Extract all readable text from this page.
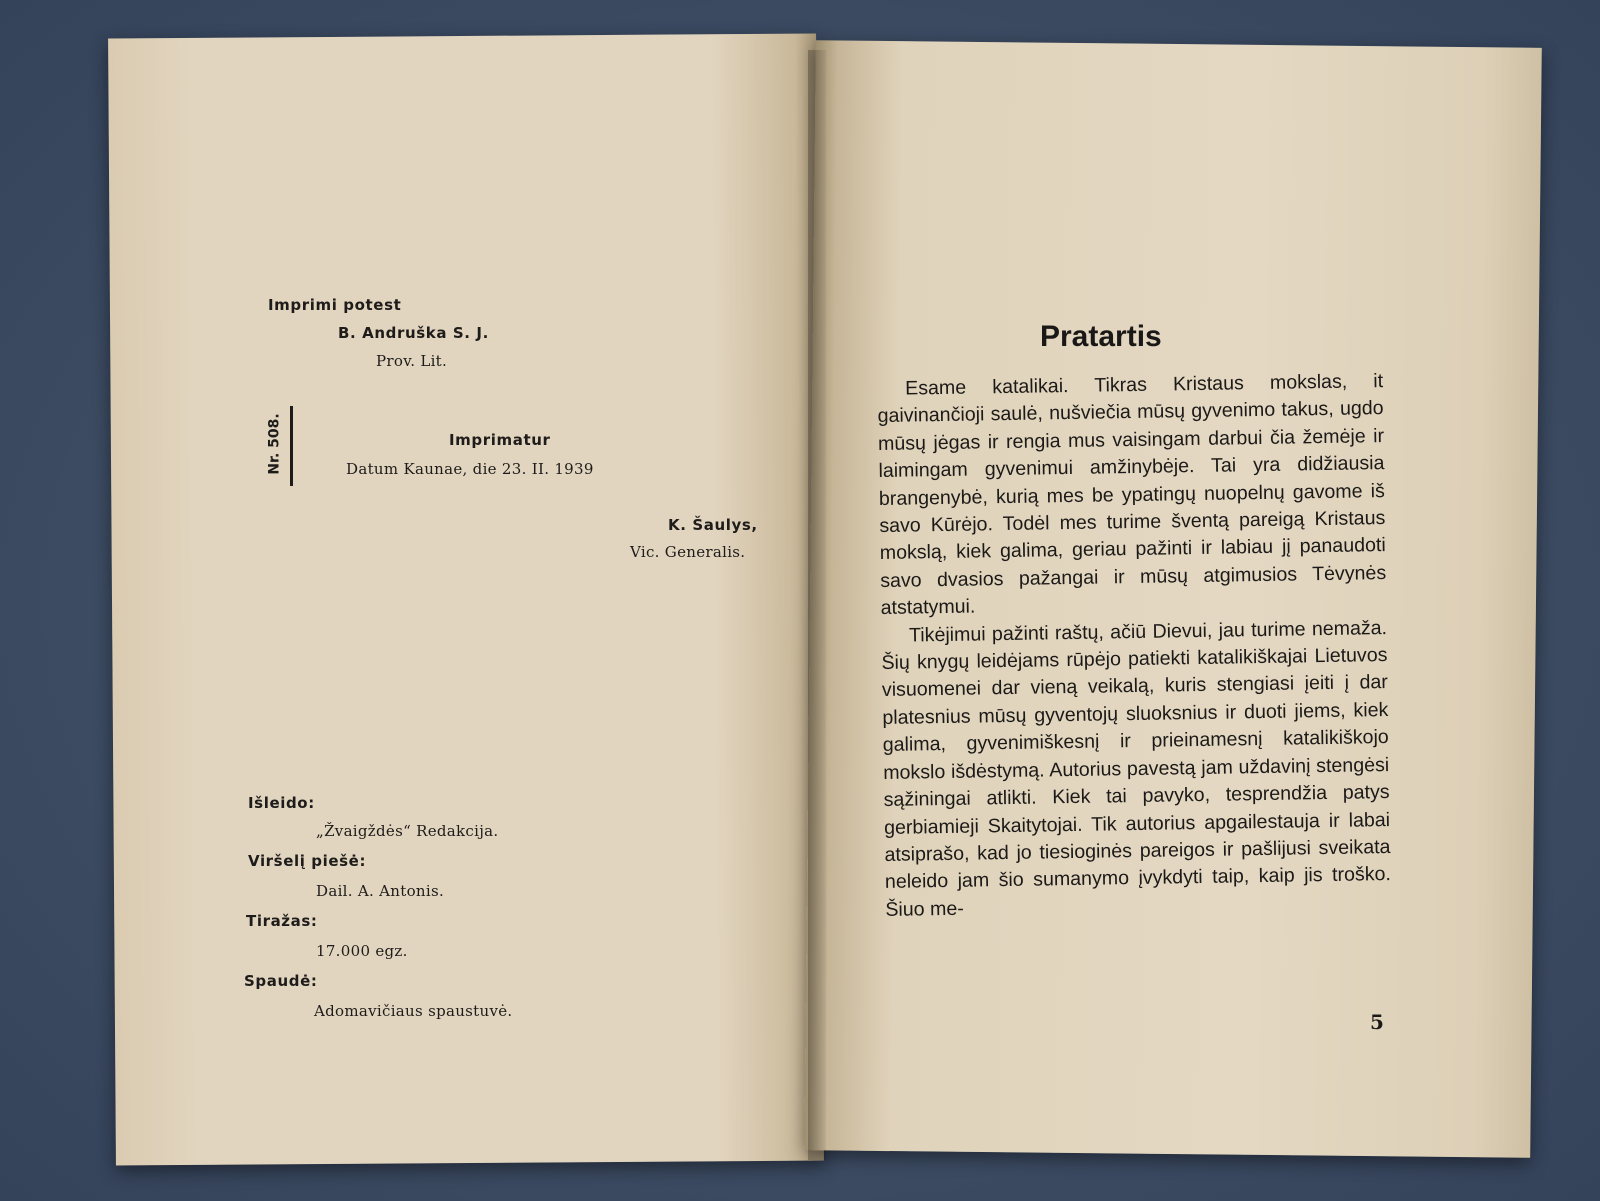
Imprimi potest
B. Andruška S. J.
Prov. Lit.
Nr. 508.	Imprimatur
Datum Kaunae, die 23. II. 1939
K. Šaulys,
Vic. Generalis.
Išleido:
„Žvaigždės“ Redakcija.
Viršelį piešė:
Dail. A. Antonis.
Tiražas:
17.000 egz.
Spaudė:
Adomavičiaus spaustuvė.
Pratartis

Esame katalikai. Tikras Kristaus mokslas, it gaivinančioji saulė, nušviečia mūsų gyvenimo takus, ugdo mūsų jėgas ir rengia mus vaisingam darbui čia žemėje ir laimingam gyvenimui amžinybėje. Tai yra didžiausia brangenybė, kurią mes be ypatingų nuopelnų gavome iš savo Kūrėjo. Todėl mes turime šventą pareigą Kristaus mokslą, kiek galima, geriau pažinti ir labiau jį panaudoti savo dvasios pažangai ir mūsų atgimusios Tėvynės atstatymui.

Tikėjimui pažinti raštų, ačiū Dievui, jau turime nemaža. Šių knygų leidėjams rūpėjo patiekti katalikiškajai Lietuvos visuomenei dar vieną veikalą, kuris stengiasi įeiti į dar platesnius mūsų gyventojų sluoksnius ir duoti jiems, kiek galima, gyvenimiškesnį ir prieinamesnį katalikiškojo mokslo išdėstymą. Autorius pavestą jam uždavinį stengėsi sąžiningai atlikti. Kiek tai pavyko, tesprendžia patys gerbiamieji Skaitytojai. Tik autorius apgailestauja ir labai atsiprašo, kad jo tiesioginės pareigos ir pašlijusi sveikata neleido jam šio sumanymo įvykdyti taip, kaip jis troško. Šiuo me-

5
